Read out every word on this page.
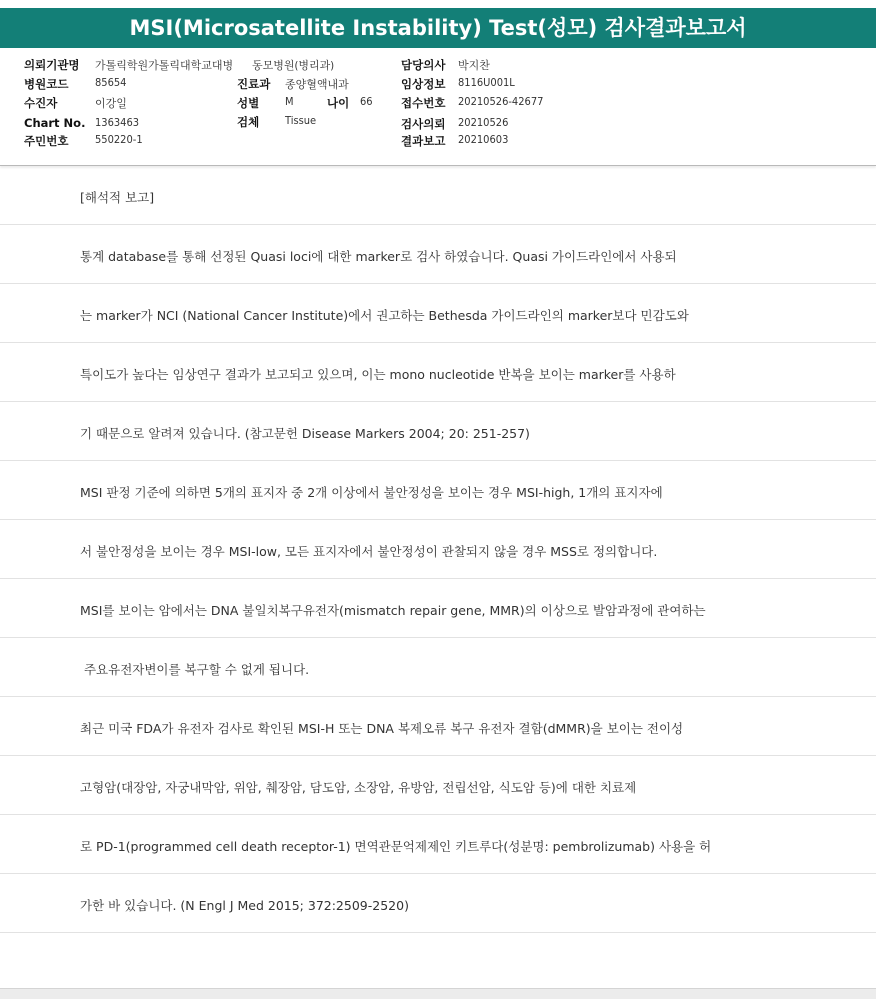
MSI(Microsatellite Instability) Test(성모) 검사결과보고서
의뢰기관명 가톨릭학원가톨릭대학교대병
병원코드 85654
수진자	이강일
Chart No. 1363463
주민번호 550220-1
동모병원(병리과)
진료과 종양혈액내과
성별 M	나이 66
검체 Tissue
담당의사 박지찬
임상정보 8116U001L
접수번호 20210526-42677
검사의뢰 20210526
결과보고 20210603
[해석적 보고]
통계 database를 통해 선정된 Quasi loci에 대한 marker로 검사 하였습니다. Quasi 가이드라인에서 사용되
는 marker가 NCI (National Cancer Institute)에서 권고하는 Bethesda 가이드라인의 marker보다 민감도와
특이도가 높다는 임상연구 결과가 보고되고 있으며, 이는 mono nucleotide 반복을 보이는 marker를 사용하
기 때문으로 알려져 있습니다. (참고문헌 Disease Markers 2004; 20: 251-257)
MSI 판정 기준에 의하면 5개의 표지자 중 2개 이상에서 불안정성을 보이는 경우 MSI-high, 1개의 표지자에
서 불안정성을 보이는 경우 MSI-low, 모든 표지자에서 불안정성이 관찰되지 않을 경우 MSS로 정의합니다.
MSI를 보이는 암에서는 DNA 불일치복구유전자(mismatch repair gene, MMR)의 이상으로 발암과정에 관여하는
주요유전자변이를 복구할 수 없게 됩니다.
최근 미국 FDA가 유전자 검사로 확인된 MSI-H 또는 DNA 복제오류 복구 유전자 결함(dMMR)을 보이는 전이성
고형암(대장암, 자궁내막암, 위암, 췌장암, 담도암, 소장암, 유방암, 전립선암, 식도암 등)에 대한 치료제
로 PD-1(programmed cell death receptor-1) 면역관문억제제인 키트루다(성분명: pembrolizumab) 사용을 허
가한 바 있습니다. (N Engl J Med 2015; 372:2509-2520)
